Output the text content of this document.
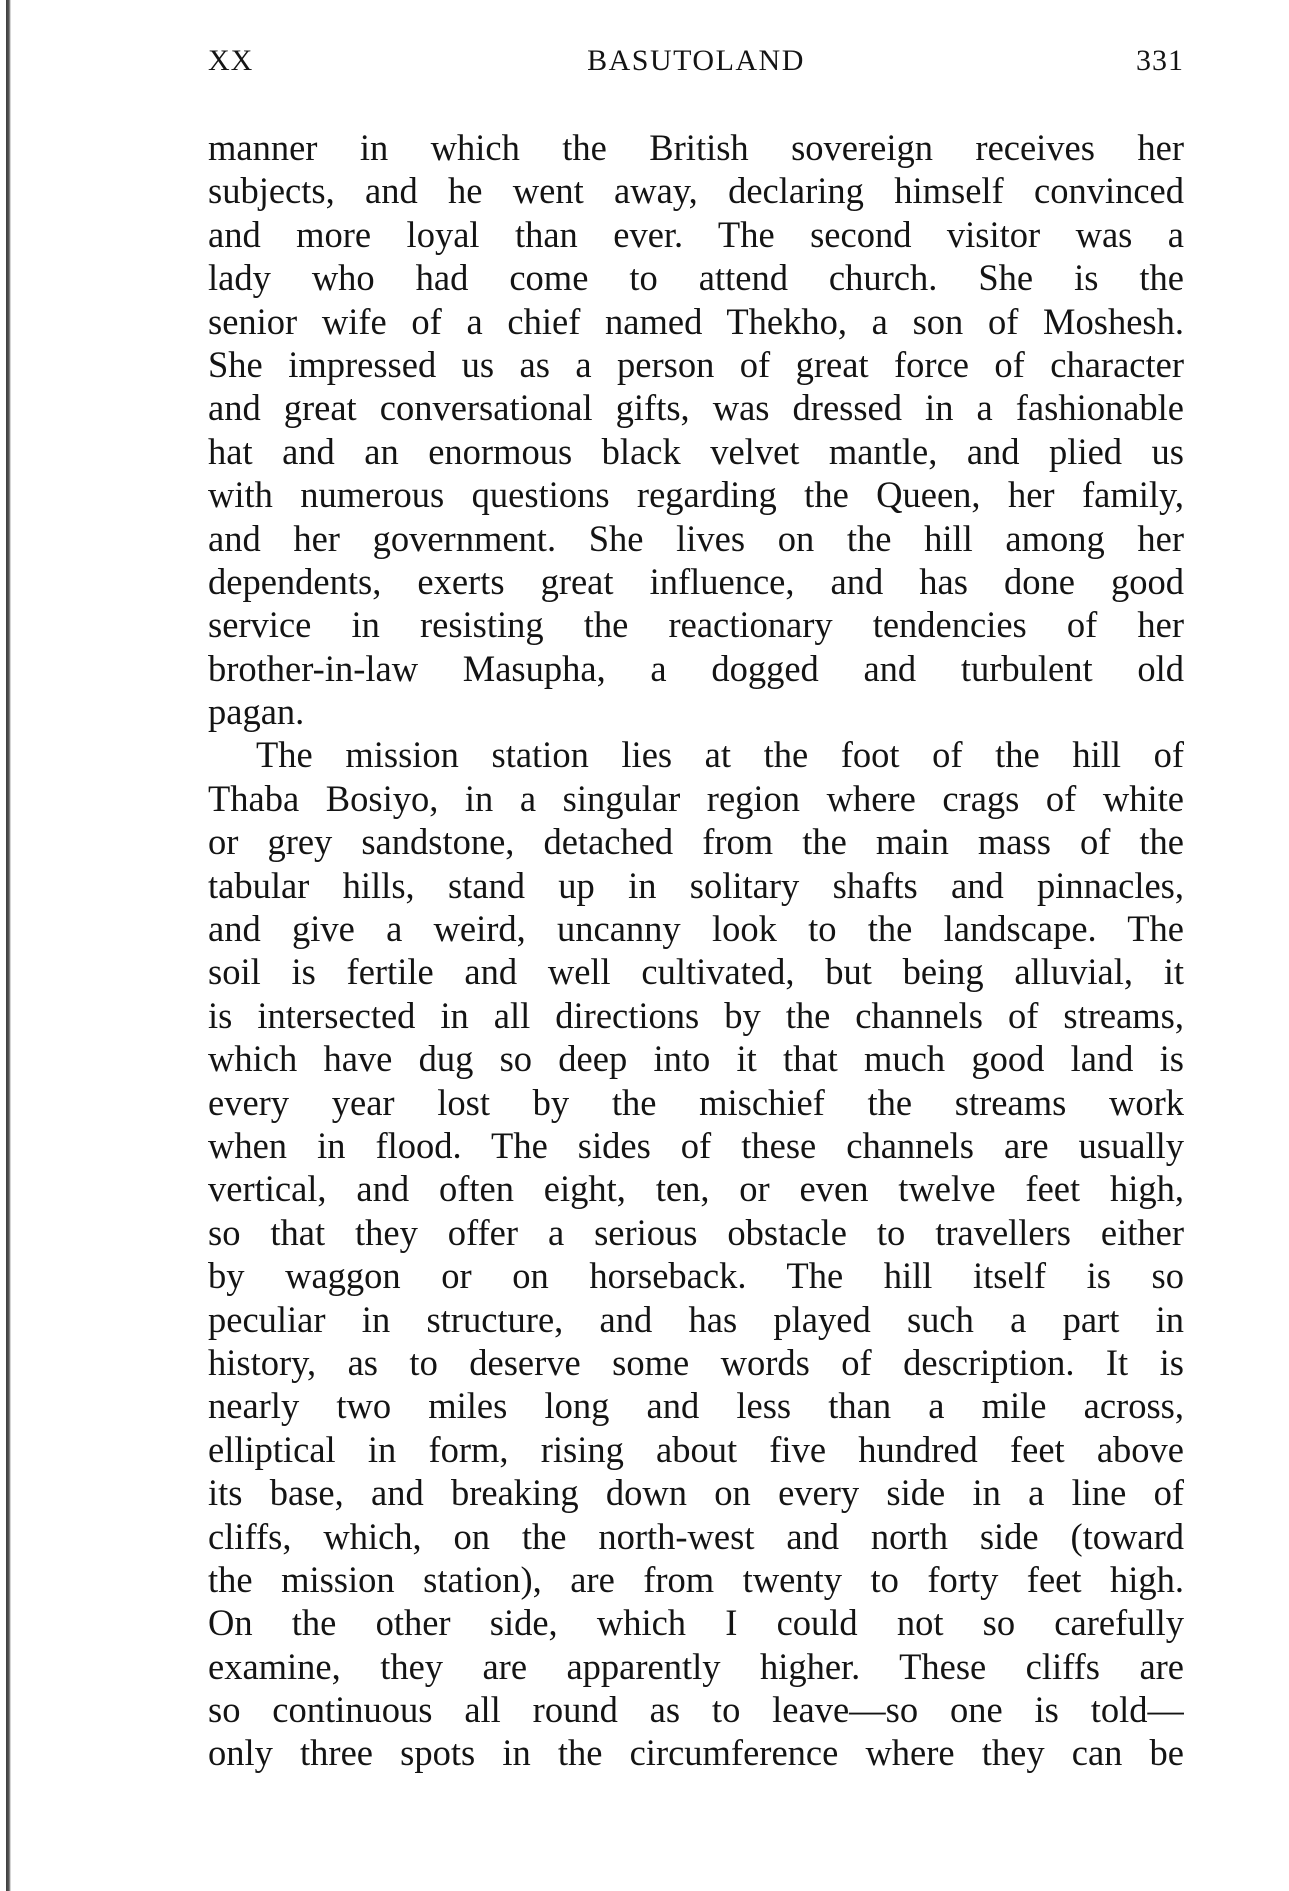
XX	BASUTOLAND	331
manner in which the British sovereign receives her
subjects, and he went away, declaring himself convinced
and more loyal than ever. The second visitor was a
lady who had come to attend church. She is the
senior wife of a chief named Thekho, a son of Moshesh.
She impressed us as a person of great force of character
and great conversational gifts, was dressed in a fashionable
hat and an enormous black velvet mantle, and plied us
with numerous questions regarding the Queen, her family,
and her government. She lives on the hill among her
dependents, exerts great influence, and has done good
service in resisting the reactionary tendencies of her
brother-in-law Masupha, a dogged and turbulent old
pagan.
The mission station lies at the foot of the hill of
Thaba Bosiyo, in a singular region where crags of white
or grey sandstone, detached from the main mass of the
tabular hills, stand up in solitary shafts and pinnacles,
and give a weird, uncanny look to the landscape. The
soil is fertile and well cultivated, but being alluvial, it
is intersected in all directions by the channels of streams,
which have dug so deep into it that much good land is
every year lost by the mischief the streams work
when in flood. The sides of these channels are usually
vertical, and often eight, ten, or even twelve feet high,
so that they offer a serious obstacle to travellers either
by waggon or on horseback. The hill itself is so
peculiar in structure, and has played such a part in
history, as to deserve some words of description. It is
nearly two miles long and less than a mile across,
elliptical in form, rising about five hundred feet above
its base, and breaking down on every side in a line of
cliffs, which, on the north-west and north side (toward
the mission station), are from twenty to forty feet high.
On the other side, which I could not so carefully
examine, they are apparently higher. These cliffs are
so continuous all round as to leave—so one is told—
only three spots in the circumference where they can be
